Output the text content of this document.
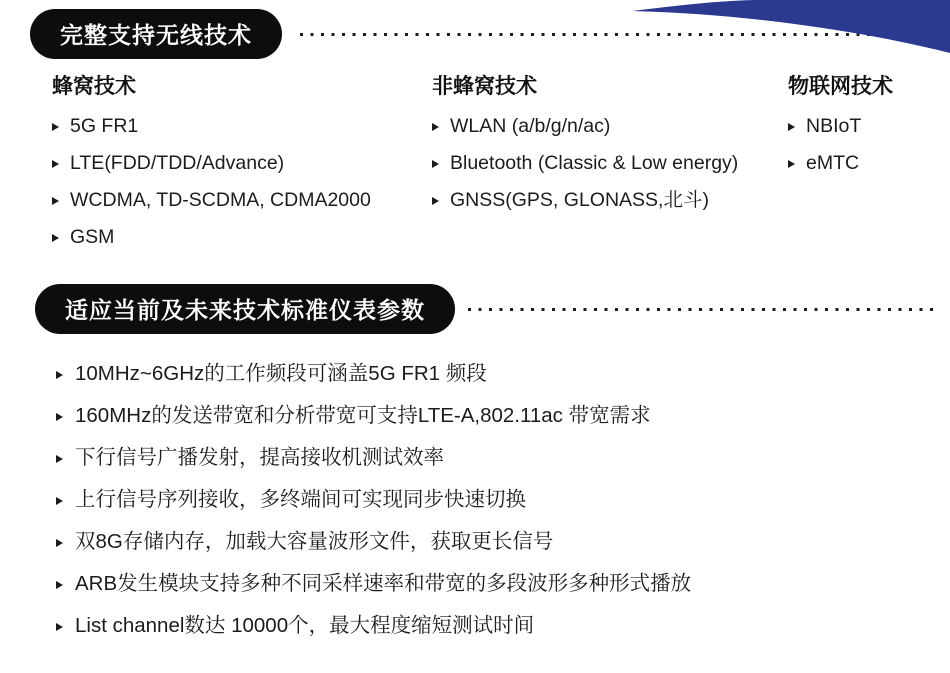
完整支持无线技术
蜂窝技术
5G FR1
LTE(FDD/TDD/Advance)
WCDMA, TD-SCDMA, CDMA2000
GSM
非蜂窝技术
WLAN (a/b/g/n/ac)
Bluetooth (Classic & Low energy)
GNSS(GPS, GLONASS,北斗)
物联网技术
NBIoT
eMTC
适应当前及未来技术标准仪表参数
10MHz~6GHz的工作频段可涵盖5G FR1 频段
160MHz的发送带宽和分析带宽可支持LTE-A,802.11ac 带宽需求
下行信号广播发射，提高接收机测试效率
上行信号序列接收，多终端间可实现同步快速切换
双8G存储内存，加载大容量波形文件，获取更长信号
ARB发生模块支持多种不同采样速率和带宽的多段波形多种形式播放
List channel数达 10000个，最大程度缩短测试时间
